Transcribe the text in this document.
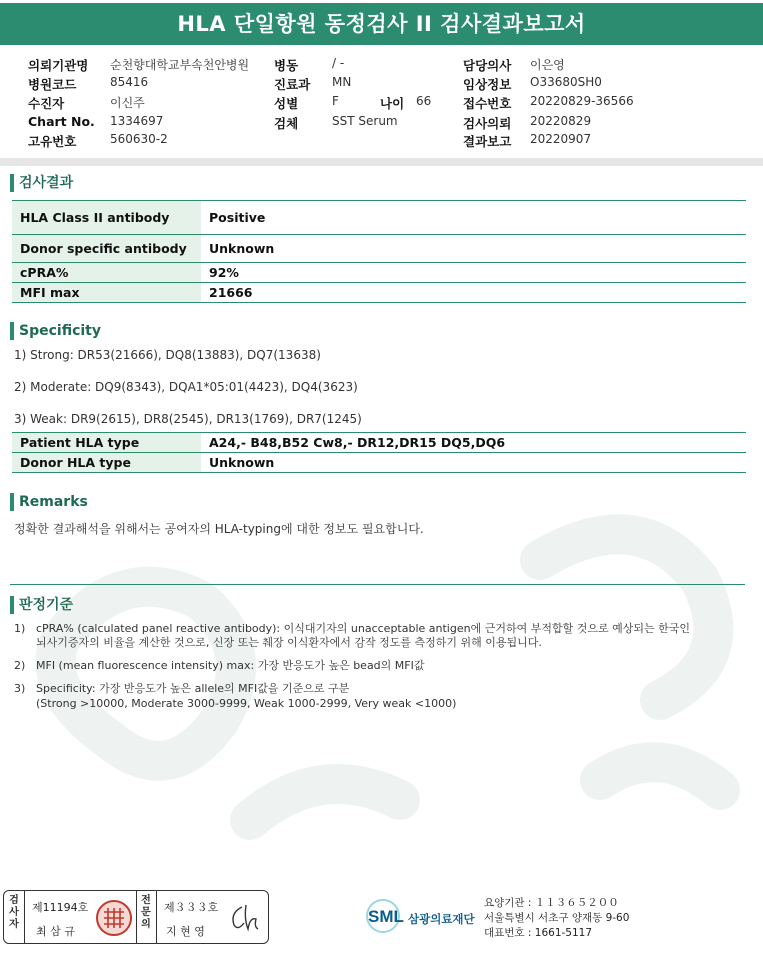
HLA 단일항원 동정검사 II 검사결과보고서
의뢰기관명 순천향대학교부속천안병원
병원코드	85416
수진자	이신주
Chart No. 1334697
고유번호	560630-2
병동	/ -
진료과 MN
성별	F	나이 66
검체	SST Serum
담당의사 이은영
임상정보 O33680SH0
접수번호 20220829-36566
검사의뢰 20220829
결과보고 20220907
검사결과
HLA Class II antibody	Positive
Donor specific antibody	Unknown
cPRA%	92%
MFI max	21666
Specificity
1) Strong: DR53(21666), DQ8(13883), DQ7(13638)
2) Moderate: DQ9(8343), DQA1*05:01(4423), DQ4(3623)
3) Weak: DR9(2615), DR8(2545), DR13(1769), DR7(1245)
Patient HLA type	A24,- B48,B52 Cw8,- DR12,DR15 DQ5,DQ6
Donor HLA type	Unknown
Remarks
정확한 결과해석을 위해서는 공여자의 HLA-typing에 대한 정보도 필요합니다.
판정기준
1) cPRA% (calculated panel reactive antibody): 이식대기자의 unacceptable antigen에 근거하여 부적합할 것으로 예상되는 한국인
뇌사기증자의 비율을 계산한 것으로, 신장 또는 췌장 이식환자에서 감작 정도를 측정하기 위해 이용됩니다.
2) MFI (mean fluorescence intensity) max: 가장 반응도가 높은 bead의 MFI값
3) Specificity: 가장 반응도가 높은 allele의 MFI값을 기준으로 구분
(Strong >10000, Moderate 3000-9999, Weak 1000-2999, Very weak <1000)
검
사
자
제11194호
최 삼 규
전
문
의
제３３３호
지 현 영
SML 삼광의료재단
요양기관 : １１３６５２００
서울특별시 서초구 양재동 9-60
대표번호 : 1661-5117
